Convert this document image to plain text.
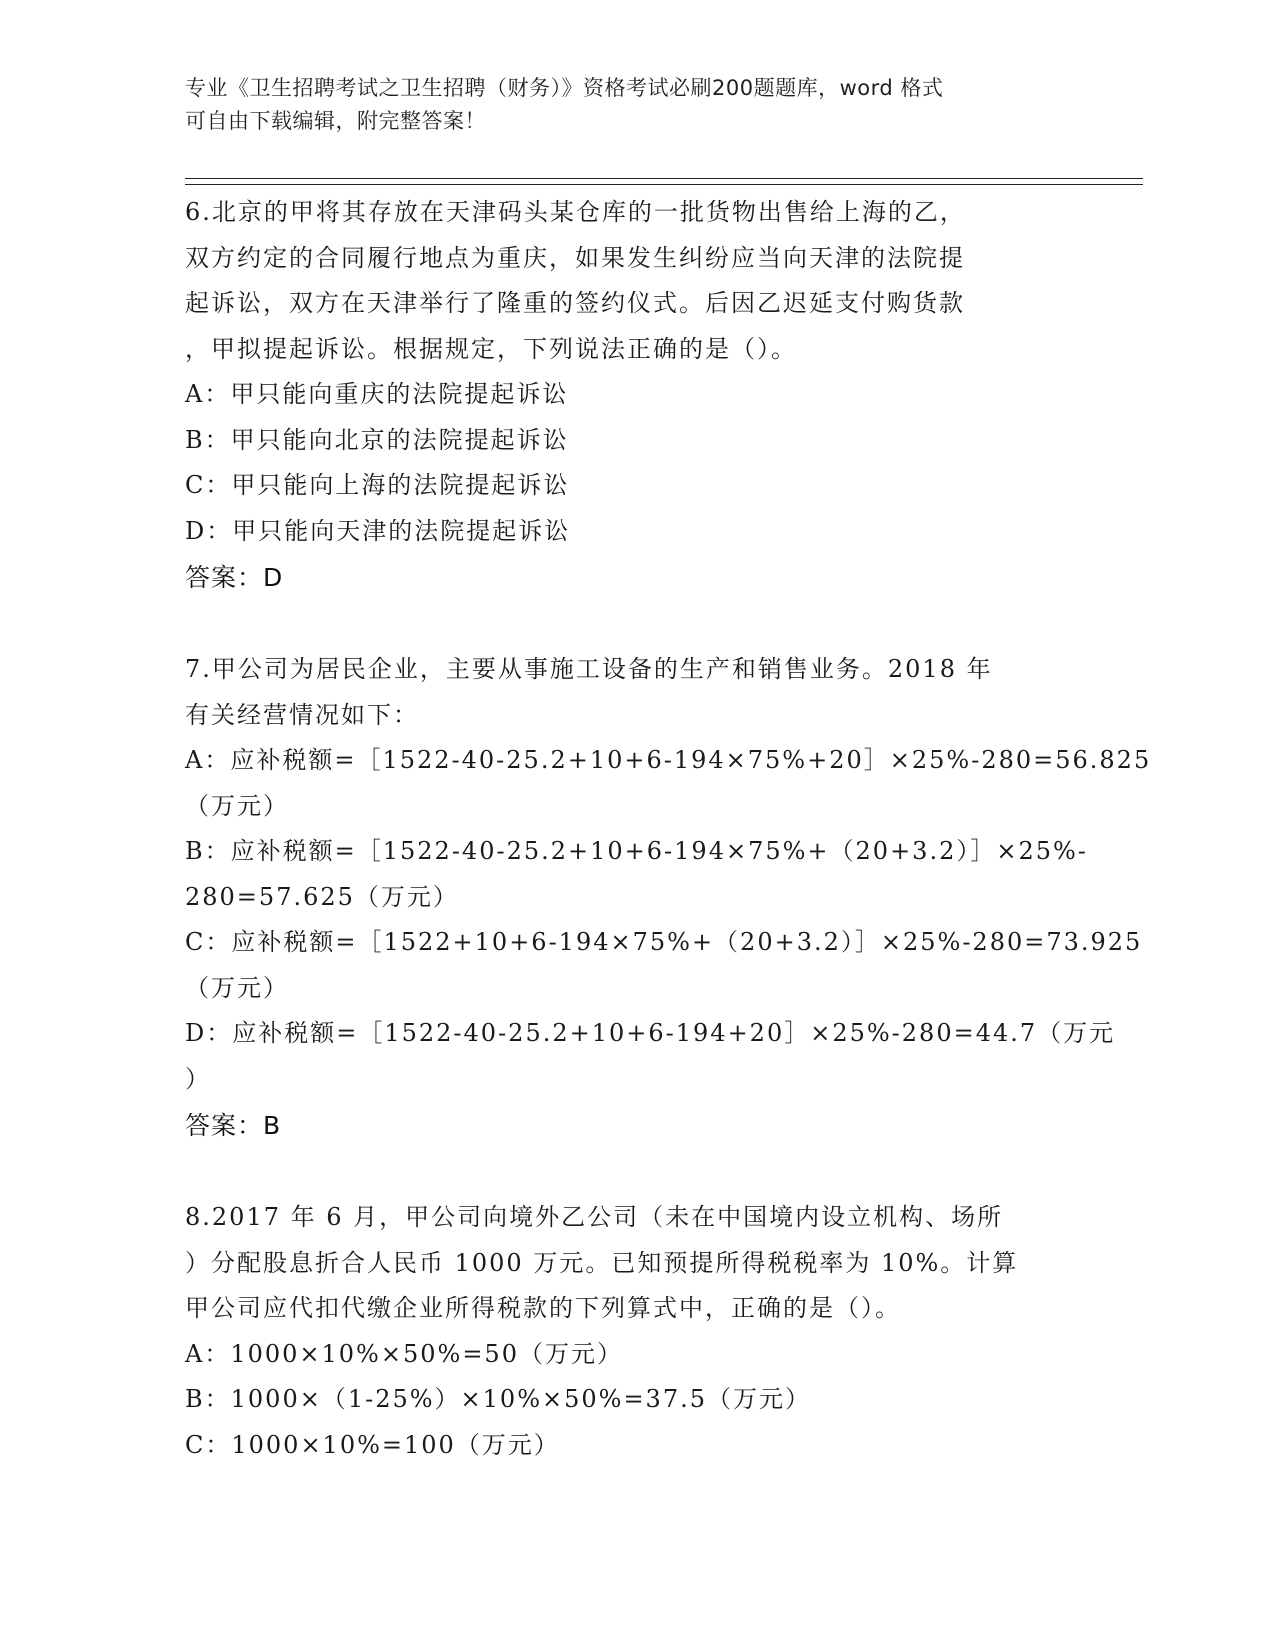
专业《卫生招聘考试之卫生招聘（财务）》资格考试必刷200题题库，word 格式
可自由下载编辑，附完整答案！
6.北京的甲将其存放在天津码头某仓库的一批货物出售给上海的乙，
双方约定的合同履行地点为重庆，如果发生纠纷应当向天津的法院提
起诉讼，双方在天津举行了隆重的签约仪式。后因乙迟延支付购货款
，甲拟提起诉讼。根据规定，下列说法正确的是（）。
A：甲只能向重庆的法院提起诉讼
B：甲只能向北京的法院提起诉讼
C：甲只能向上海的法院提起诉讼
D：甲只能向天津的法院提起诉讼
答案：D
7.甲公司为居民企业，主要从事施工设备的生产和销售业务。2018 年
有关经营情况如下：
A：应补税额=［1522-40-25.2+10+6-194×75%+20］×25%-280=56.825
（万元）
B：应补税额=［1522-40-25.2+10+6-194×75%+（20+3.2）］×25%-
280=57.625（万元）
C：应补税额=［1522+10+6-194×75%+（20+3.2）］×25%-280=73.925
（万元）
D：应补税额=［1522-40-25.2+10+6-194+20］×25%-280=44.7（万元
）
答案：B
8.2017 年 6 月，甲公司向境外乙公司（未在中国境内设立机构、场所
）分配股息折合人民币 1000 万元。已知预提所得税税率为 10%。计算
甲公司应代扣代缴企业所得税款的下列算式中，正确的是（）。
A：1000×10%×50%=50（万元）
B：1000×（1-25%）×10%×50%=37.5（万元）
C：1000×10%=100（万元）
